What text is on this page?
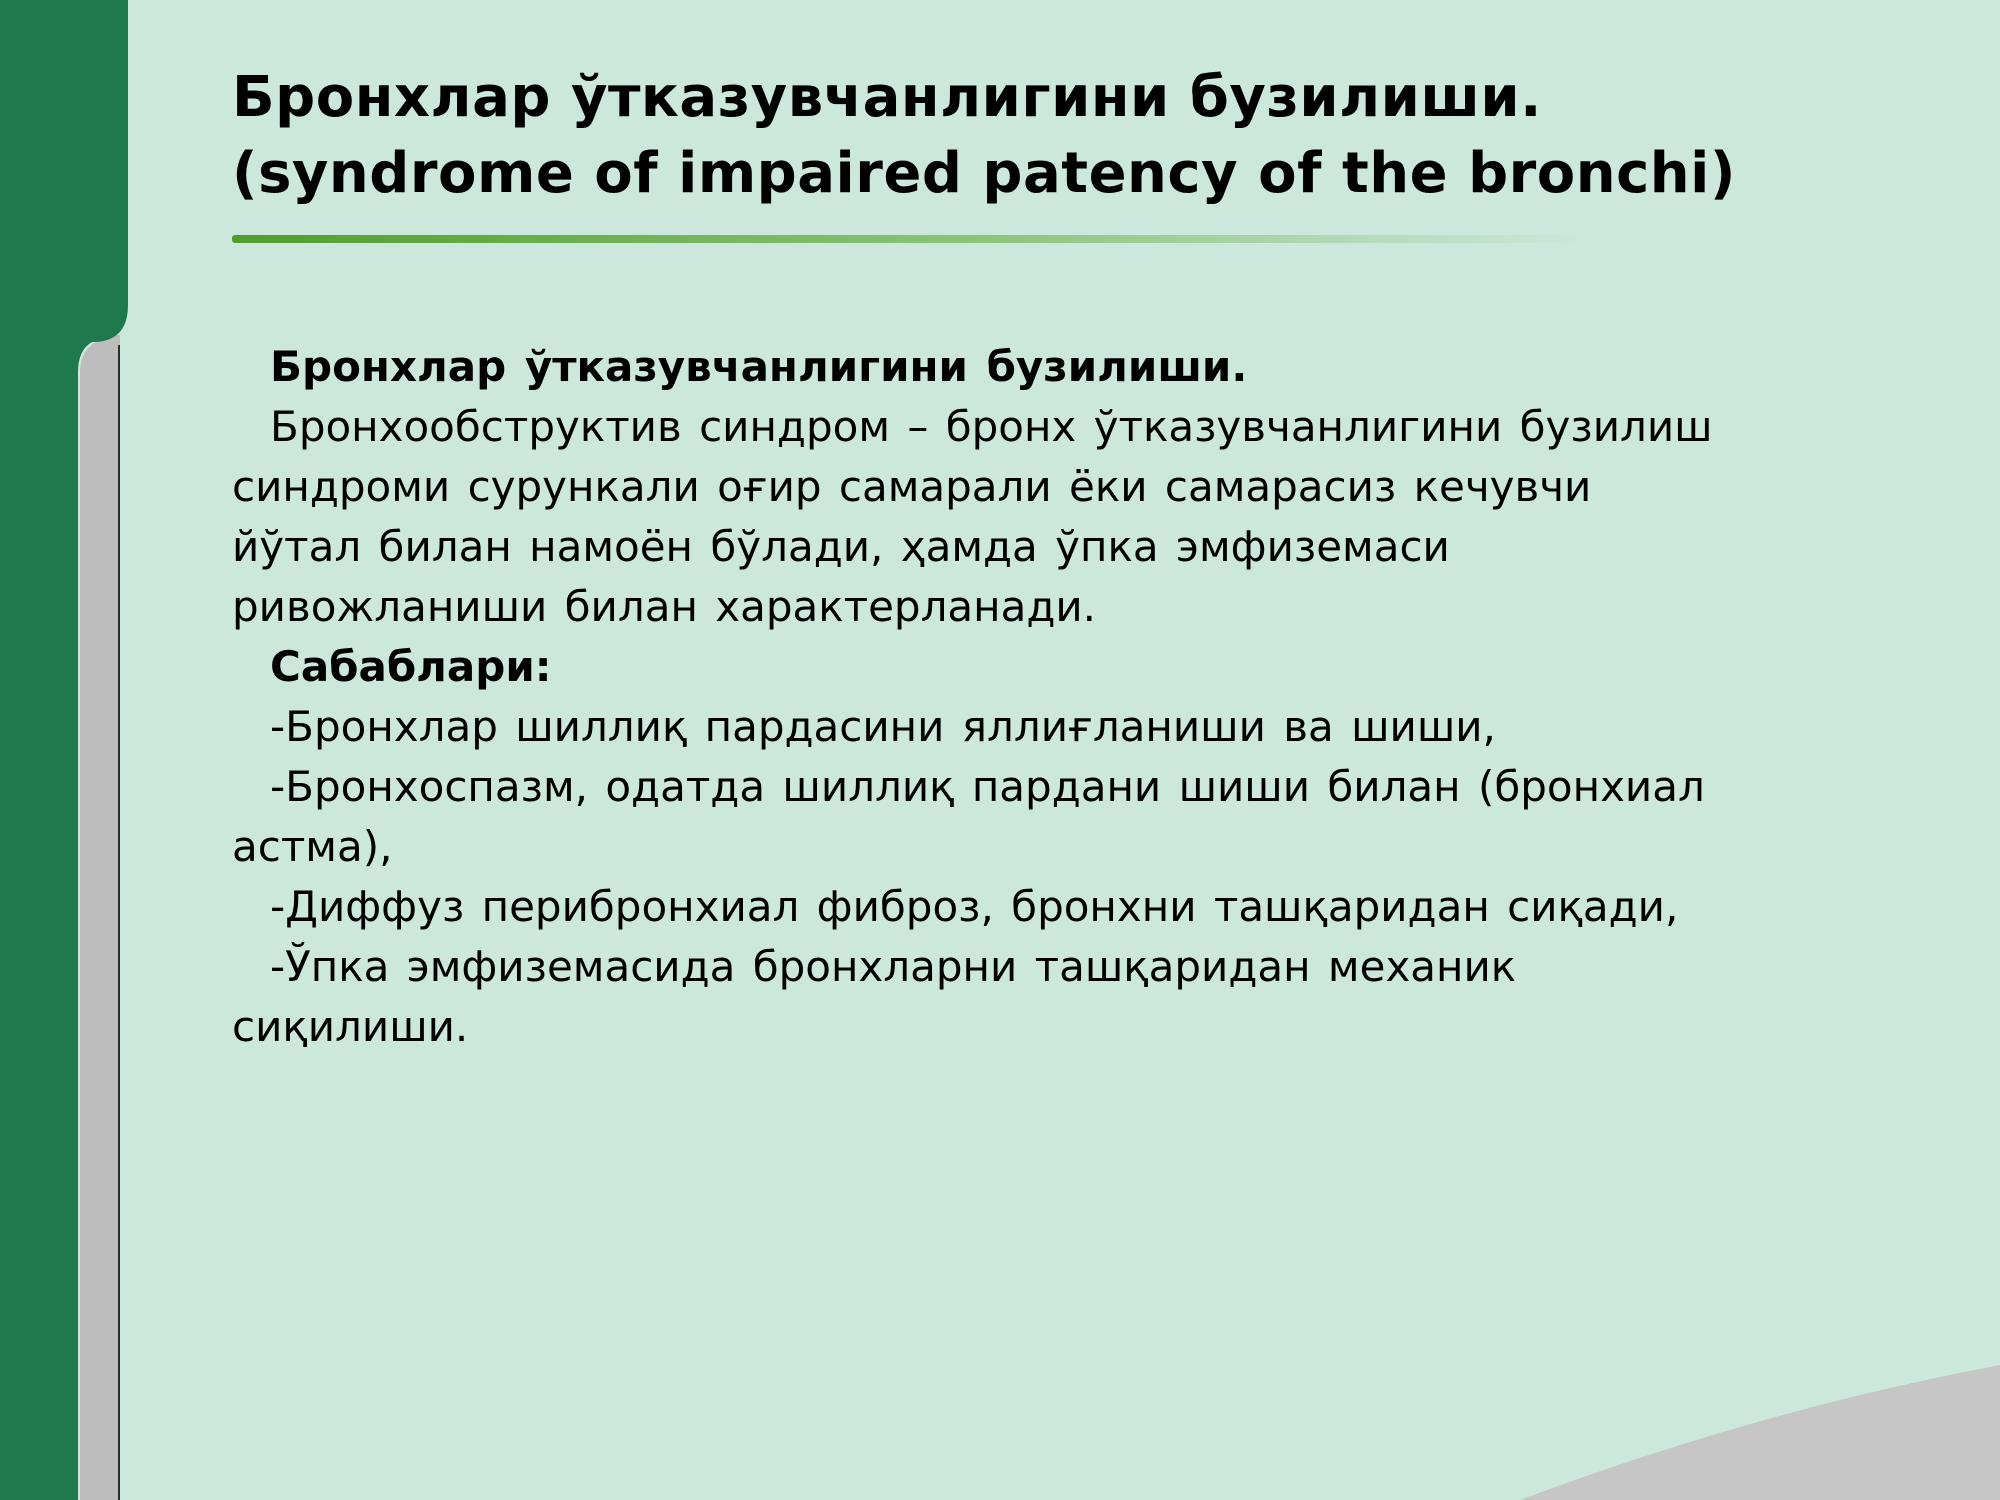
Бронхлар ўтказувчанлигини бузилиши.
(syndrome of impaired patency of the bronchi)
Бронхлар ўтказувчанлигини бузилиши.
Бронхообструктив синдром – бронх ўтказувчанлигини бузилиш
синдроми сурункали оғир самарали ёки самарасиз кечувчи
йўтал билан намоён бўлади, ҳамда ўпка эмфиземаси
ривожланиши билан характерланади.
Сабаблари:
-Бронхлар шиллиқ пардасини яллиғланиши ва шиши,
-Бронхоспазм, одатда шиллиқ пардани шиши билан (бронхиал
астма),
-Диффуз перибронхиал фиброз, бронхни ташқаридан сиқади,
-Ўпка эмфиземасида бронхларни ташқаридан механик
сиқилиши.
